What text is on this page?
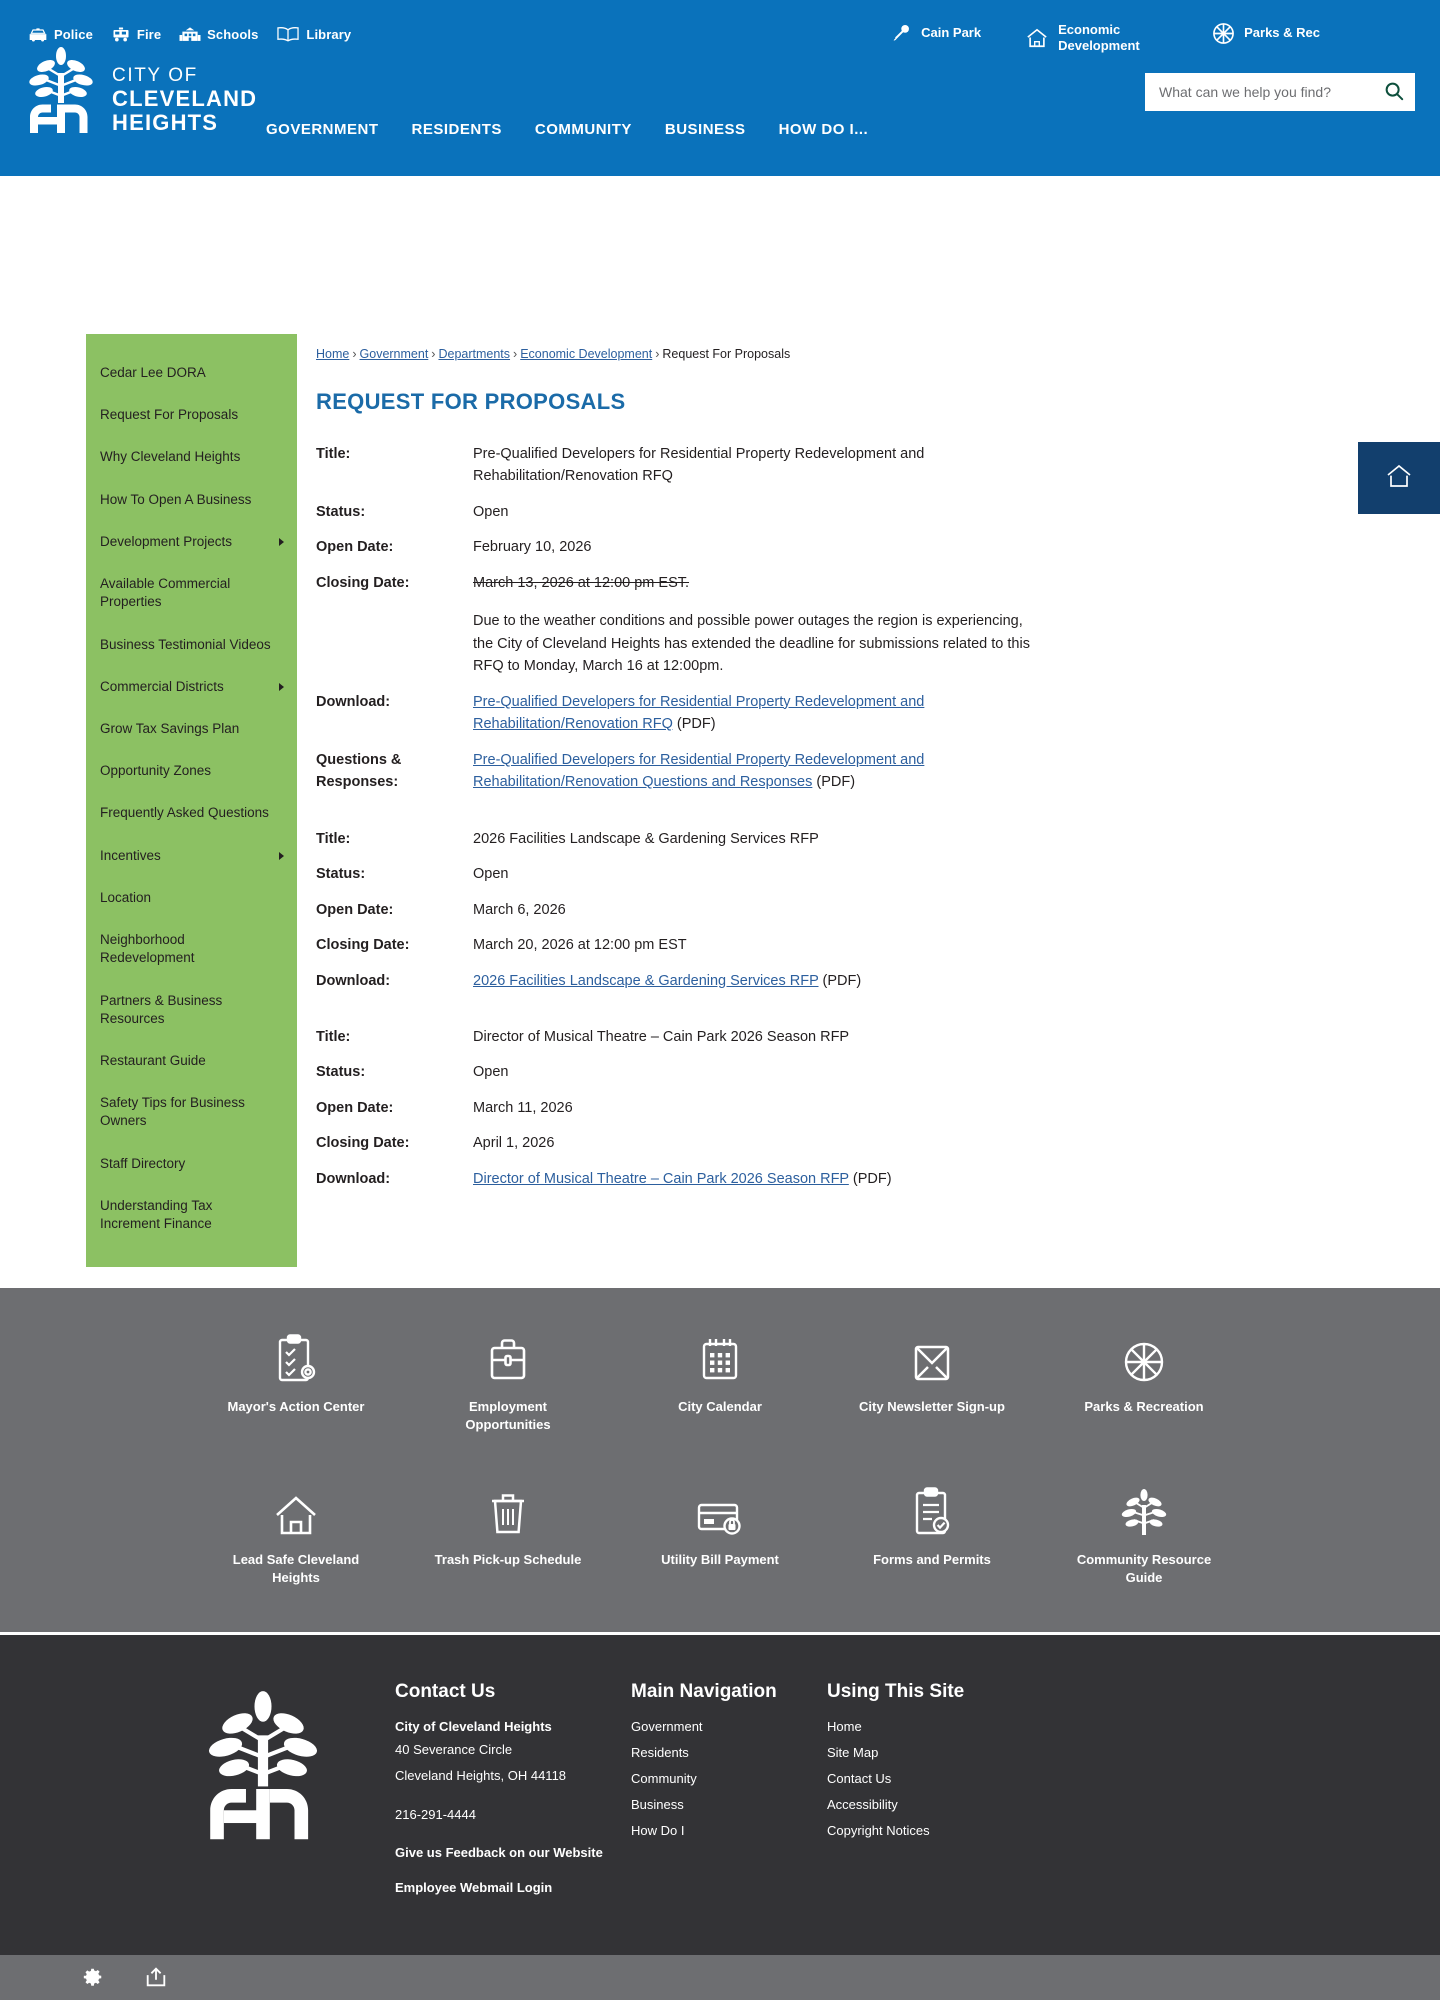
Police	Fire	Schools	Library	Cain Park	Economic Development
Parks & Rec
CITY OF
CLEVELAND
HEIGHTS
What can we help you find?	GOVERNMENT RESIDENTS COMMUNITY BUSINESS HOW DO I...
Cedar Lee DORA
Request For Proposals
Why Cleveland Heights
How To Open A Business
Development Projects
Available Commercial Properties
Business Testimonial Videos
Commercial Districts
Grow Tax Savings Plan
Opportunity Zones
Frequently Asked Questions
Incentives
Location
Neighborhood Redevelopment
Partners & Business Resources
Restaurant Guide
Safety Tips for Business Owners
Staff Directory
Understanding Tax Increment Finance
Home › Government › Departments › Economic Development › Request For Proposals
REQUEST FOR PROPOSALS
Title:	Pre-Qualified Developers for Residential Property Redevelopment and Rehabilitation/Renovation RFQ
Status:	Open
Open Date:	February 10, 2026
Closing Date:	March 13, 2026 at 12:00 pm EST.
Due to the weather conditions and possible power outages the region is experiencing, the City of Cleveland Heights has extended the deadline for submissions related to this RFQ to Monday, March 16 at 12:00pm.
Download:	Pre-Qualified Developers for Residential Property Redevelopment and Rehabilitation/Renovation RFQ (PDF)
Questions & Responses:
Pre-Qualified Developers for Residential Property Redevelopment and Rehabilitation/Renovation Questions and Responses (PDF)
Title:	2026 Facilities Landscape & Gardening Services RFP
Status:	Open
Open Date:	March 6, 2026
Closing Date:	March 20, 2026 at 12:00 pm EST
Download:	2026 Facilities Landscape & Gardening Services RFP (PDF)
Title:	Director of Musical Theatre – Cain Park 2026 Season RFP
Status:	Open
Open Date:	March 11, 2026
Closing Date:	April 1, 2026
Download:	Director of Musical Theatre – Cain Park 2026 Season RFP (PDF)
Mayor's Action Center	Employment Opportunities
City Calendar	City Newsletter Sign-up	Parks & Recreation
Lead Safe Cleveland Heights
Trash Pick-up Schedule	Utility Bill Payment	Forms and Permits	Community Resource Guide
Contact Us
City of Cleveland Heights
40 Severance Circle
Cleveland Heights, OH 44118
216-291-4444
Give us Feedback on our Website
Employee Webmail Login
Main Navigation
Government
Residents
Community
Business
How Do I
Using This Site
Home
Site Map
Contact Us
Accessibility
Copyright Notices
